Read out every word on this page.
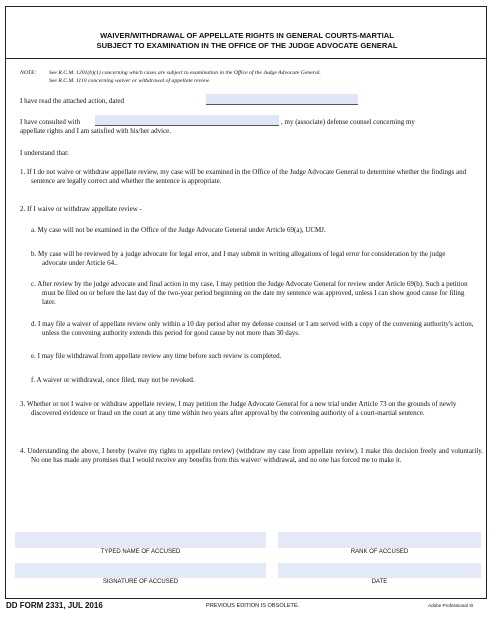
WAIVER/WITHDRAWAL OF APPELLATE RIGHTS IN GENERAL COURTS-MARTIAL
SUBJECT TO EXAMINATION IN THE OFFICE OF THE JUDGE ADVOCATE GENERAL
NOTE: See R.C.M. 1201(b)(1) concerning which cases are subject to examination in the Office of the Judge Advocate General.
See R.C.M. 1110 concerning waiver or withdrawal of appellate review.
I have read the attached action, dated
I have consulted with	, my (associate) defense counsel concerning my
appellate rights and I am satisfied with his/her advice.
I understand that:
1. If I do not waive or withdraw appellate review, my case will be examined in the Office of the Judge Advocate General to determine whether the findings and sentence are legally correct and whether the sentence is appropriate.
2. If I waive or withdraw appellate review -
a. My case will not be examined in the Office of the Judge Advocate General under Article 69(a), UCMJ.
b. My case will be reviewed by a judge advocate for legal error, and I may submit in writing allegations of legal error for consideration by the judge advocate under Article 64..
c. After review by the judge advocate and final action in my case, I may petition the Judge Advocate General for review under Article 69(b). Such a petition must be filed on or before the last day of the two-year period beginning on the date my sentence was approved, unless I can show good cause for filing later.
d. I may file a waiver of appellate review only within a 10 day period after my defense counsel or I am served with a copy of the convening authority's action, unless the convening authority extends this period for good cause by not more than 30 days.
e. I may file withdrawal from appellate review any time before such review is completed.
f. A waiver or withdrawal, once filed, may not be revoked.
3. Whether or not I waive or withdraw appellate review, I may petition the Judge Advocate General for a new trial under Article 73 on the grounds of newly discovered evidence or fraud on the court at any time within two years after approval by the convening authority of a court-martial sentence.
4. Understanding the above, I hereby (waive my rights to appellate review) (withdraw my case from appellate review). I make this decision freely and voluntarily. No one has made any promises that I would receive any benefits from this waiver/ withdrawal, and no one has forced me to make it.
TYPED NAME OF ACCUSED	RANK OF ACCUSED
SIGNATURE OF ACCUSED	DATE
DD FORM 2331, JUL 2016	PREVIOUS EDITION IS OBSOLETE.	Adobe Professional XI
